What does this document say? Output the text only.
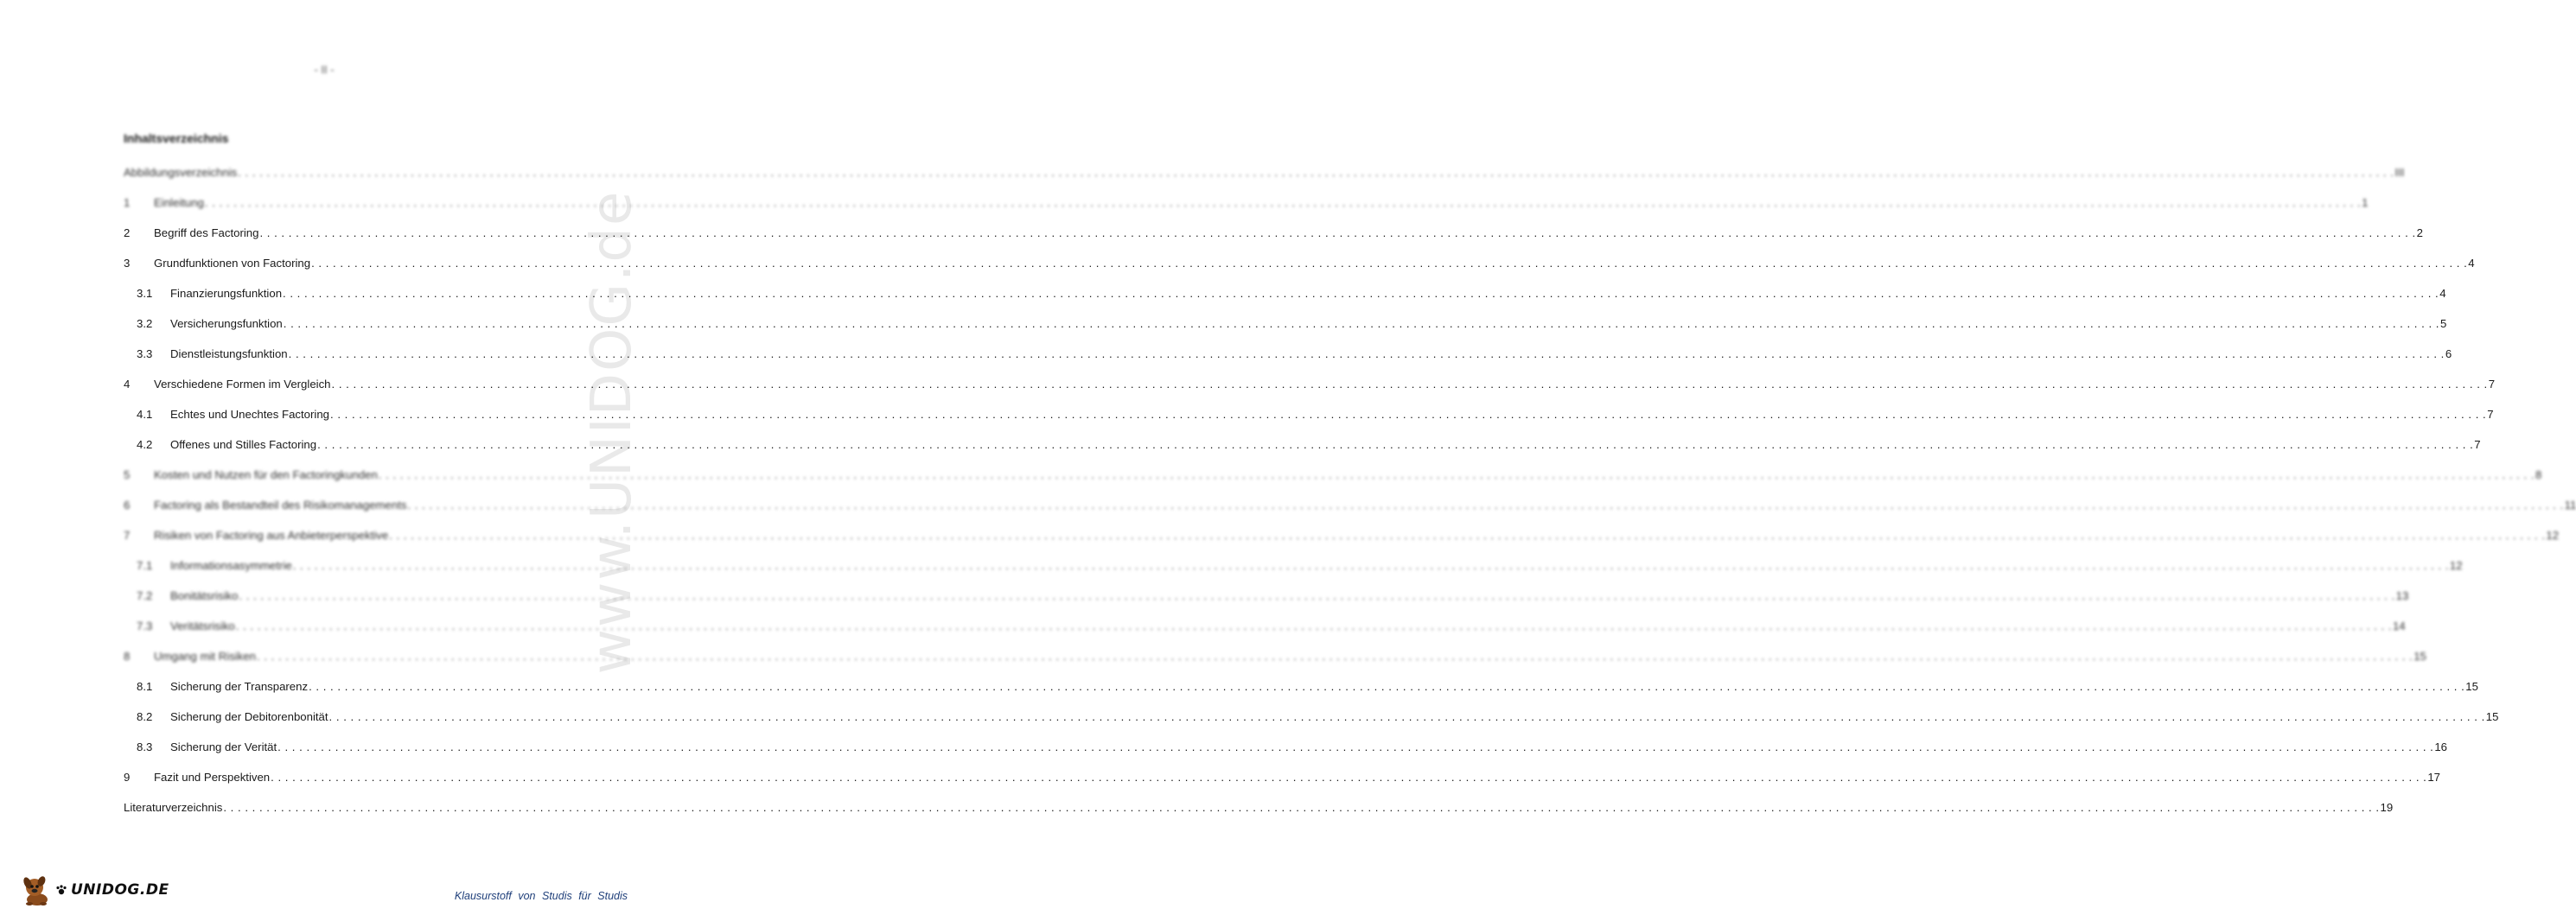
www.UNIDOG.de
- II -
Inhaltsverzeichnis
Abbildungsverzeichnis . . . . . . . . . . . . . . . . . . . . . . . . . . . . . . . . . . . . . . . . . . . . . . . . . . . . . . . . . . . . . . . . . . . . . . . . . . . . . . . . . . . . . . . . . . . . . . . . . . . . . . . . . . . . . . . . . . . . . . . . . . . . . . . . . . . . . . . . . . . . . . . . . . . . . . . . . . . . . . . . . . . . . . . . . . . . . . . . . . . . . . . . . . . . . . . . . . . . . . . . . . . . . . . . . . . . . . . . . . . . . . . . . . . . . . . . . . . . . . . . . . . . . . . . . . . . . . . . . . . . . . . . . . . . . . . . . . . . . . . . . . . . . . . . . . . . . . . . . . . . III
1 Einleitung . . . . . . . . . . . . . . . . . . . . . . . . . . . . . . . . . . . . . . . . . . . . . . . . . . . . . . . . . . . . . . . . . . . . . . . . . . . . . . . . . . . . . . . . . . . . . . . . . . . . . . . . . . . . . . . . . . . . . . . . . . . . . . . . . . . . . . . . . . . . . . . . . . . . . . . . . . . . . . . . . . . . . . . . . . . . . . . . . . . . . . . . . . . . . . . . . . . . . . . . . . . . . . . . . . . . . . . . . . . . . . . . . . . . . . . . . . . . . . . . . . . . . . . . . . . . . . . . . . . . . . . . . . . . . . . . . . . . . . . . . . . . . . . . . . . . . . . . . . . . 1
2 Begriff des Factoring . . . . . . . . . . . . . . . . . . . . . . . . . . . . . . . . . . . . . . . . . . . . . . . . . . . . . . . . . . . . . . . . . . . . . . . . . . . . . . . . . . . . . . . . . . . . . . . . . . . . . . . . . . . . . . . . . . . . . . . . . . . . . . . . . . . . . . . . . . . . . . . . . . . . . . . . . . . . . . . . . . . . . . . . . . . . . . . . . . . . . . . . . . . . . . . . . . . . . . . . . . . . . . . . . . . . . . . . . . . . . . . . . . . . . . . . . . . . . . . . . . . . . . . . . . . . . . . . . . . . . . . . . . . . . . . . . . . . . . . . . . . . . . . . . . . . . . . . . . . . 2
3 Grundfunktionen von Factoring . . . . . . . . . . . . . . . . . . . . . . . . . . . . . . . . . . . . . . . . . . . . . . . . . . . . . . . . . . . . . . . . . . . . . . . . . . . . . . . . . . . . . . . . . . . . . . . . . . . . . . . . . . . . . . . . . . . . . . . . . . . . . . . . . . . . . . . . . . . . . . . . . . . . . . . . . . . . . . . . . . . . . . . . . . . . . . . . . . . . . . . . . . . . . . . . . . . . . . . . . . . . . . . . . . . . . . . . . . . . . . . . . . . . . . . . . . . . . . . . . . . . . . . . . . . . . . . . . . . . . . . . . . . . . . . . . . . . . . . . . . . . . . . . . . . . . . . . . . . . 4
3.1 Finanzierungsfunktion . . . . . . . . . . . . . . . . . . . . . . . . . . . . . . . . . . . . . . . . . . . . . . . . . . . . . . . . . . . . . . . . . . . . . . . . . . . . . . . . . . . . . . . . . . . . . . . . . . . . . . . . . . . . . . . . . . . . . . . . . . . . . . . . . . . . . . . . . . . . . . . . . . . . . . . . . . . . . . . . . . . . . . . . . . . . . . . . . . . . . . . . . . . . . . . . . . . . . . . . . . . . . . . . . . . . . . . . . . . . . . . . . . . . . . . . . . . . . . . . . . . . . . . . . . . . . . . . . . . . . . . . . . . . . . . . . . . . . . . . . . . . . . . . . . . . . . . . . . . . 4
3.2 Versicherungsfunktion . . . . . . . . . . . . . . . . . . . . . . . . . . . . . . . . . . . . . . . . . . . . . . . . . . . . . . . . . . . . . . . . . . . . . . . . . . . . . . . . . . . . . . . . . . . . . . . . . . . . . . . . . . . . . . . . . . . . . . . . . . . . . . . . . . . . . . . . . . . . . . . . . . . . . . . . . . . . . . . . . . . . . . . . . . . . . . . . . . . . . . . . . . . . . . . . . . . . . . . . . . . . . . . . . . . . . . . . . . . . . . . . . . . . . . . . . . . . . . . . . . . . . . . . . . . . . . . . . . . . . . . . . . . . . . . . . . . . . . . . . . . . . . . . . . . . . . . . . . . . 5
3.3 Dienstleistungsfunktion . . . . . . . . . . . . . . . . . . . . . . . . . . . . . . . . . . . . . . . . . . . . . . . . . . . . . . . . . . . . . . . . . . . . . . . . . . . . . . . . . . . . . . . . . . . . . . . . . . . . . . . . . . . . . . . . . . . . . . . . . . . . . . . . . . . . . . . . . . . . . . . . . . . . . . . . . . . . . . . . . . . . . . . . . . . . . . . . . . . . . . . . . . . . . . . . . . . . . . . . . . . . . . . . . . . . . . . . . . . . . . . . . . . . . . . . . . . . . . . . . . . . . . . . . . . . . . . . . . . . . . . . . . . . . . . . . . . . . . . . . . . . . . . . . . . . . . . . . . . . 6
4 Verschiedene Formen im Vergleich . . . . . . . . . . . . . . . . . . . . . . . . . . . . . . . . . . . . . . . . . . . . . . . . . . . . . . . . . . . . . . . . . . . . . . . . . . . . . . . . . . . . . . . . . . . . . . . . . . . . . . . . . . . . . . . . . . . . . . . . . . . . . . . . . . . . . . . . . . . . . . . . . . . . . . . . . . . . . . . . . . . . . . . . . . . . . . . . . . . . . . . . . . . . . . . . . . . . . . . . . . . . . . . . . . . . . . . . . . . . . . . . . . . . . . . . . . . . . . . . . . . . . . . . . . . . . . . . . . . . . . . . . . . . . . . . . . . . . . . . . . . . . . . . . . . . . . . . . . . . 7
4.1 Echtes und Unechtes Factoring . . . . . . . . . . . . . . . . . . . . . . . . . . . . . . . . . . . . . . . . . . . . . . . . . . . . . . . . . . . . . . . . . . . . . . . . . . . . . . . . . . . . . . . . . . . . . . . . . . . . . . . . . . . . . . . . . . . . . . . . . . . . . . . . . . . . . . . . . . . . . . . . . . . . . . . . . . . . . . . . . . . . . . . . . . . . . . . . . . . . . . . . . . . . . . . . . . . . . . . . . . . . . . . . . . . . . . . . . . . . . . . . . . . . . . . . . . . . . . . . . . . . . . . . . . . . . . . . . . . . . . . . . . . . . . . . . . . . . . . . . . . . . . . . . . . . . . . . . . . . 7
4.2 Offenes und Stilles Factoring . . . . . . . . . . . . . . . . . . . . . . . . . . . . . . . . . . . . . . . . . . . . . . . . . . . . . . . . . . . . . . . . . . . . . . . . . . . . . . . . . . . . . . . . . . . . . . . . . . . . . . . . . . . . . . . . . . . . . . . . . . . . . . . . . . . . . . . . . . . . . . . . . . . . . . . . . . . . . . . . . . . . . . . . . . . . . . . . . . . . . . . . . . . . . . . . . . . . . . . . . . . . . . . . . . . . . . . . . . . . . . . . . . . . . . . . . . . . . . . . . . . . . . . . . . . . . . . . . . . . . . . . . . . . . . . . . . . . . . . . . . . . . . . . . . . . . . . . . . . . 7
5 Kosten und Nutzen für den Factoringkunden . . . . . . . . . . . . . . . . . . . . . . . . . . . . . . . . . . . . . . . . . . . . . . . . . . . . . . . . . . . . . . . . . . . . . . . . . . . . . . . . . . . . . . . . . . . . . . . . . . . . . . . . . . . . . . . . . . . . . . . . . . . . . . . . . . . . . . . . . . . . . . . . . . . . . . . . . . . . . . . . . . . . . . . . . . . . . . . . . . . . . . . . . . . . . . . . . . . . . . . . . . . . . . . . . . . . . . . . . . . . . . . . . . . . . . . . . . . . . . . . . . . . . . . . . . . . . . . . . . . . . . . . . . . . . . . . . . . . . . . . . . . . . . . . . . . . . . . . . . . . 8
6 Factoring als Bestandteil des Risikomanagements . . . . . . . . . . . . . . . . . . . . . . . . . . . . . . . . . . . . . . . . . . . . . . . . . . . . . . . . . . . . . . . . . . . . . . . . . . . . . . . . . . . . . . . . . . . . . . . . . . . . . . . . . . . . . . . . . . . . . . . . . . . . . . . . . . . . . . . . . . . . . . . . . . . . . . . . . . . . . . . . . . . . . . . . . . . . . . . . . . . . . . . . . . . . . . . . . . . . . . . . . . . . . . . . . . . . . . . . . . . . . . . . . . . . . . . . . . . . . . . . . . . . . . . . . . . . . . . . . . . . . . . . . . . . . . . . . . . . . . . . . . . . . . . . . . . . . . . . . . . . 11
7 Risiken von Factoring aus Anbieterperspektive . . . . . . . . . . . . . . . . . . . . . . . . . . . . . . . . . . . . . . . . . . . . . . . . . . . . . . . . . . . . . . . . . . . . . . . . . . . . . . . . . . . . . . . . . . . . . . . . . . . . . . . . . . . . . . . . . . . . . . . . . . . . . . . . . . . . . . . . . . . . . . . . . . . . . . . . . . . . . . . . . . . . . . . . . . . . . . . . . . . . . . . . . . . . . . . . . . . . . . . . . . . . . . . . . . . . . . . . . . . . . . . . . . . . . . . . . . . . . . . . . . . . . . . . . . . . . . . . . . . . . . . . . . . . . . . . . . . . . . . . . . . . . . . . . . . . . . . . . . . . 12
7.1 Informationsasymmetrie . . . . . . . . . . . . . . . . . . . . . . . . . . . . . . . . . . . . . . . . . . . . . . . . . . . . . . . . . . . . . . . . . . . . . . . . . . . . . . . . . . . . . . . . . . . . . . . . . . . . . . . . . . . . . . . . . . . . . . . . . . . . . . . . . . . . . . . . . . . . . . . . . . . . . . . . . . . . . . . . . . . . . . . . . . . . . . . . . . . . . . . . . . . . . . . . . . . . . . . . . . . . . . . . . . . . . . . . . . . . . . . . . . . . . . . . . . . . . . . . . . . . . . . . . . . . . . . . . . . . . . . . . . . . . . . . . . . . . . . . . . . . . . . . . . . . . . . . . . . . 12
7.2 Bonitätsrisiko . . . . . . . . . . . . . . . . . . . . . . . . . . . . . . . . . . . . . . . . . . . . . . . . . . . . . . . . . . . . . . . . . . . . . . . . . . . . . . . . . . . . . . . . . . . . . . . . . . . . . . . . . . . . . . . . . . . . . . . . . . . . . . . . . . . . . . . . . . . . . . . . . . . . . . . . . . . . . . . . . . . . . . . . . . . . . . . . . . . . . . . . . . . . . . . . . . . . . . . . . . . . . . . . . . . . . . . . . . . . . . . . . . . . . . . . . . . . . . . . . . . . . . . . . . . . . . . . . . . . . . . . . . . . . . . . . . . . . . . . . . . . . . . . . . . . . . . . . . . . 13
7.3 Veritätsrisiko . . . . . . . . . . . . . . . . . . . . . . . . . . . . . . . . . . . . . . . . . . . . . . . . . . . . . . . . . . . . . . . . . . . . . . . . . . . . . . . . . . . . . . . . . . . . . . . . . . . . . . . . . . . . . . . . . . . . . . . . . . . . . . . . . . . . . . . . . . . . . . . . . . . . . . . . . . . . . . . . . . . . . . . . . . . . . . . . . . . . . . . . . . . . . . . . . . . . . . . . . . . . . . . . . . . . . . . . . . . . . . . . . . . . . . . . . . . . . . . . . . . . . . . . . . . . . . . . . . . . . . . . . . . . . . . . . . . . . . . . . . . . . . . . . . . . . . . . . . . . 14
8 Umgang mit Risiken . . . . . . . . . . . . . . . . . . . . . . . . . . . . . . . . . . . . . . . . . . . . . . . . . . . . . . . . . . . . . . . . . . . . . . . . . . . . . . . . . . . . . . . . . . . . . . . . . . . . . . . . . . . . . . . . . . . . . . . . . . . . . . . . . . . . . . . . . . . . . . . . . . . . . . . . . . . . . . . . . . . . . . . . . . . . . . . . . . . . . . . . . . . . . . . . . . . . . . . . . . . . . . . . . . . . . . . . . . . . . . . . . . . . . . . . . . . . . . . . . . . . . . . . . . . . . . . . . . . . . . . . . . . . . . . . . . . . . . . . . . . . . . . . . . . . . . . . . . . . 15
8.1 Sicherung der Transparenz . . . . . . . . . . . . . . . . . . . . . . . . . . . . . . . . . . . . . . . . . . . . . . . . . . . . . . . . . . . . . . . . . . . . . . . . . . . . . . . . . . . . . . . . . . . . . . . . . . . . . . . . . . . . . . . . . . . . . . . . . . . . . . . . . . . . . . . . . . . . . . . . . . . . . . . . . . . . . . . . . . . . . . . . . . . . . . . . . . . . . . . . . . . . . . . . . . . . . . . . . . . . . . . . . . . . . . . . . . . . . . . . . . . . . . . . . . . . . . . . . . . . . . . . . . . . . . . . . . . . . . . . . . . . . . . . . . . . . . . . . . . . . . . . . . . . . . . . . . . . 15
8.2 Sicherung der Debitorenbonität . . . . . . . . . . . . . . . . . . . . . . . . . . . . . . . . . . . . . . . . . . . . . . . . . . . . . . . . . . . . . . . . . . . . . . . . . . . . . . . . . . . . . . . . . . . . . . . . . . . . . . . . . . . . . . . . . . . . . . . . . . . . . . . . . . . . . . . . . . . . . . . . . . . . . . . . . . . . . . . . . . . . . . . . . . . . . . . . . . . . . . . . . . . . . . . . . . . . . . . . . . . . . . . . . . . . . . . . . . . . . . . . . . . . . . . . . . . . . . . . . . . . . . . . . . . . . . . . . . . . . . . . . . . . . . . . . . . . . . . . . . . . . . . . . . . . . . . . . . . . 15
8.3 Sicherung der Verität . . . . . . . . . . . . . . . . . . . . . . . . . . . . . . . . . . . . . . . . . . . . . . . . . . . . . . . . . . . . . . . . . . . . . . . . . . . . . . . . . . . . . . . . . . . . . . . . . . . . . . . . . . . . . . . . . . . . . . . . . . . . . . . . . . . . . . . . . . . . . . . . . . . . . . . . . . . . . . . . . . . . . . . . . . . . . . . . . . . . . . . . . . . . . . . . . . . . . . . . . . . . . . . . . . . . . . . . . . . . . . . . . . . . . . . . . . . . . . . . . . . . . . . . . . . . . . . . . . . . . . . . . . . . . . . . . . . . . . . . . . . . . . . . . . . . . . . . . . . . 16
9 Fazit und Perspektiven . . . . . . . . . . . . . . . . . . . . . . . . . . . . . . . . . . . . . . . . . . . . . . . . . . . . . . . . . . . . . . . . . . . . . . . . . . . . . . . . . . . . . . . . . . . . . . . . . . . . . . . . . . . . . . . . . . . . . . . . . . . . . . . . . . . . . . . . . . . . . . . . . . . . . . . . . . . . . . . . . . . . . . . . . . . . . . . . . . . . . . . . . . . . . . . . . . . . . . . . . . . . . . . . . . . . . . . . . . . . . . . . . . . . . . . . . . . . . . . . . . . . . . . . . . . . . . . . . . . . . . . . . . . . . . . . . . . . . . . . . . . . . . . . . . . . . . . . . . . . 17
Literaturverzeichnis . . . . . . . . . . . . . . . . . . . . . . . . . . . . . . . . . . . . . . . . . . . . . . . . . . . . . . . . . . . . . . . . . . . . . . . . . . . . . . . . . . . . . . . . . . . . . . . . . . . . . . . . . . . . . . . . . . . . . . . . . . . . . . . . . . . . . . . . . . . . . . . . . . . . . . . . . . . . . . . . . . . . . . . . . . . . . . . . . . . . . . . . . . . . . . . . . . . . . . . . . . . . . . . . . . . . . . . . . . . . . . . . . . . . . . . . . . . . . . . . . . . . . . . . . . . . . . . . . . . . . . . . . . . . . . . . . . . . . . . . . . . . . . . . . . . . . . . . . . . . 19
UNIDOG.DE	Klausurstoff von Studis für Studis
